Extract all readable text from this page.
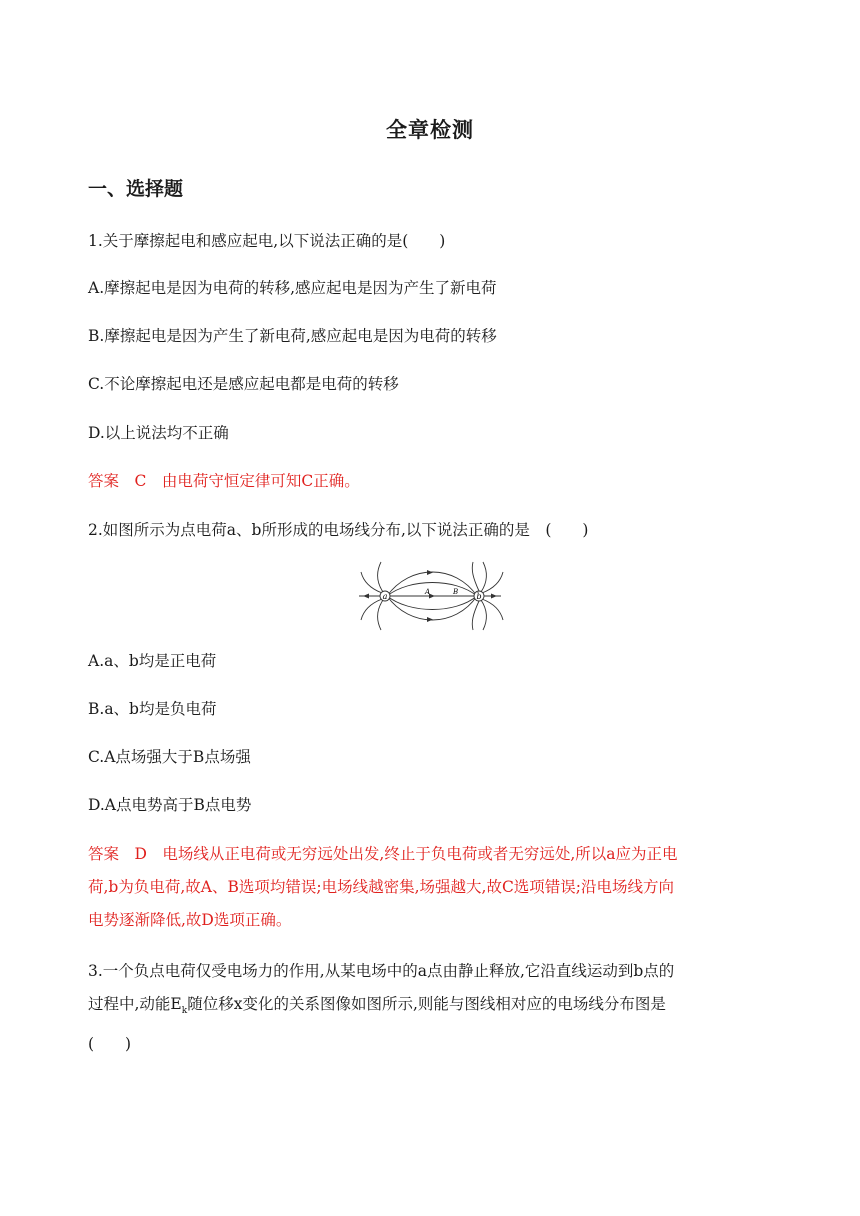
全章检测
一、选择题
1.关于摩擦起电和感应起电,以下说法正确的是(　　)
A.摩擦起电是因为电荷的转移,感应起电是因为产生了新电荷
B.摩擦起电是因为产生了新电荷,感应起电是因为电荷的转移
C.不论摩擦起电还是感应起电都是电荷的转移
D.以上说法均不正确
答案　C　由电荷守恒定律可知C正确。
2.如图所示为点电荷a、b所形成的电场线分布,以下说法正确的是　(　　)
a	b
A	B
A.a、b均是正电荷
B.a、b均是负电荷
C.A点场强大于B点场强
D.A点电势高于B点电势
答案　D　电场线从正电荷或无穷远处出发,终止于负电荷或者无穷远处,所以a应为正电
荷,b为负电荷,故A、B选项均错误;电场线越密集,场强越大,故C选项错误;沿电场线方向
电势逐渐降低,故D选项正确。
3.一个负点电荷仅受电场力的作用,从某电场中的a点由静止释放,它沿直线运动到b点的
过程中,动能$E_k$随位移x变化的关系图像如图所示,则能与图线相对应的电场线分布图是
(　　)
